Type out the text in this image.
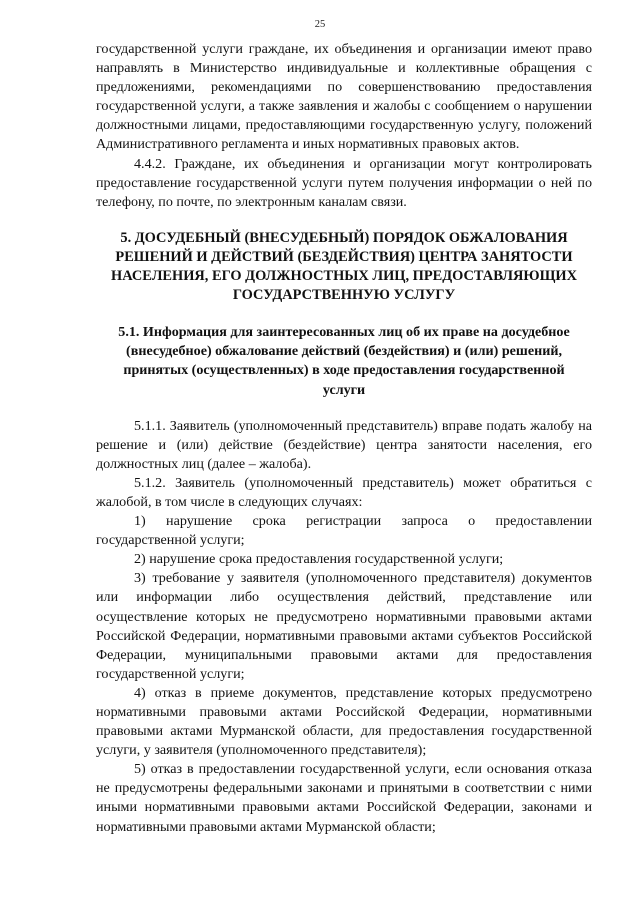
25

государственной услуги граждане, их объединения и организации имеют право направлять в Министерство индивидуальные и коллективные обращения с предложениями, рекомендациями по совершенствованию предоставления государственной услуги, а также заявления и жалобы с сообщением о нарушении должностными лицами, предоставляющими государственную услугу, положений Административного регламента и иных нормативных правовых актов.

4.4.2. Граждане, их объединения и организации могут контролировать предоставление государственной услуги путем получения информации о ней по телефону, по почте, по электронным каналам связи.

5. ДОСУДЕБНЫЙ (ВНЕСУДЕБНЫЙ) ПОРЯДОК ОБЖАЛОВАНИЯ РЕШЕНИЙ И ДЕЙСТВИЙ (БЕЗДЕЙСТВИЯ) ЦЕНТРА ЗАНЯТОСТИ НАСЕЛЕНИЯ, ЕГО ДОЛЖНОСТНЫХ ЛИЦ, ПРЕДОСТАВЛЯЮЩИХ ГОСУДАРСТВЕННУЮ УСЛУГУ

5.1. Информация для заинтересованных лиц об их праве на досудебное (внесудебное) обжалование действий (бездействия) и (или) решений, принятых (осуществленных) в ходе предоставления государственной услуги

5.1.1. Заявитель (уполномоченный представитель) вправе подать жалобу на решение и (или) действие (бездействие) центра занятости населения, его должностных лиц (далее – жалоба).

5.1.2. Заявитель (уполномоченный представитель) может обратиться с жалобой, в том числе в следующих случаях:

1) нарушение срока регистрации запроса о предоставлении государственной услуги;

2) нарушение срока предоставления государственной услуги;

3) требование у заявителя (уполномоченного представителя) документов или информации либо осуществления действий, представление или осуществление которых не предусмотрено нормативными правовыми актами Российской Федерации, нормативными правовыми актами субъектов Российской Федерации, муниципальными правовыми актами для предоставления государственной услуги;

4) отказ в приеме документов, представление которых предусмотрено нормативными правовыми актами Российской Федерации, нормативными правовыми актами Мурманской области, для предоставления государственной услуги, у заявителя (уполномоченного представителя);

5) отказ в предоставлении государственной услуги, если основания отказа не предусмотрены федеральными законами и принятыми в соответствии с ними иными нормативными правовыми актами Российской Федерации, законами и нормативными правовыми актами Мурманской области;
